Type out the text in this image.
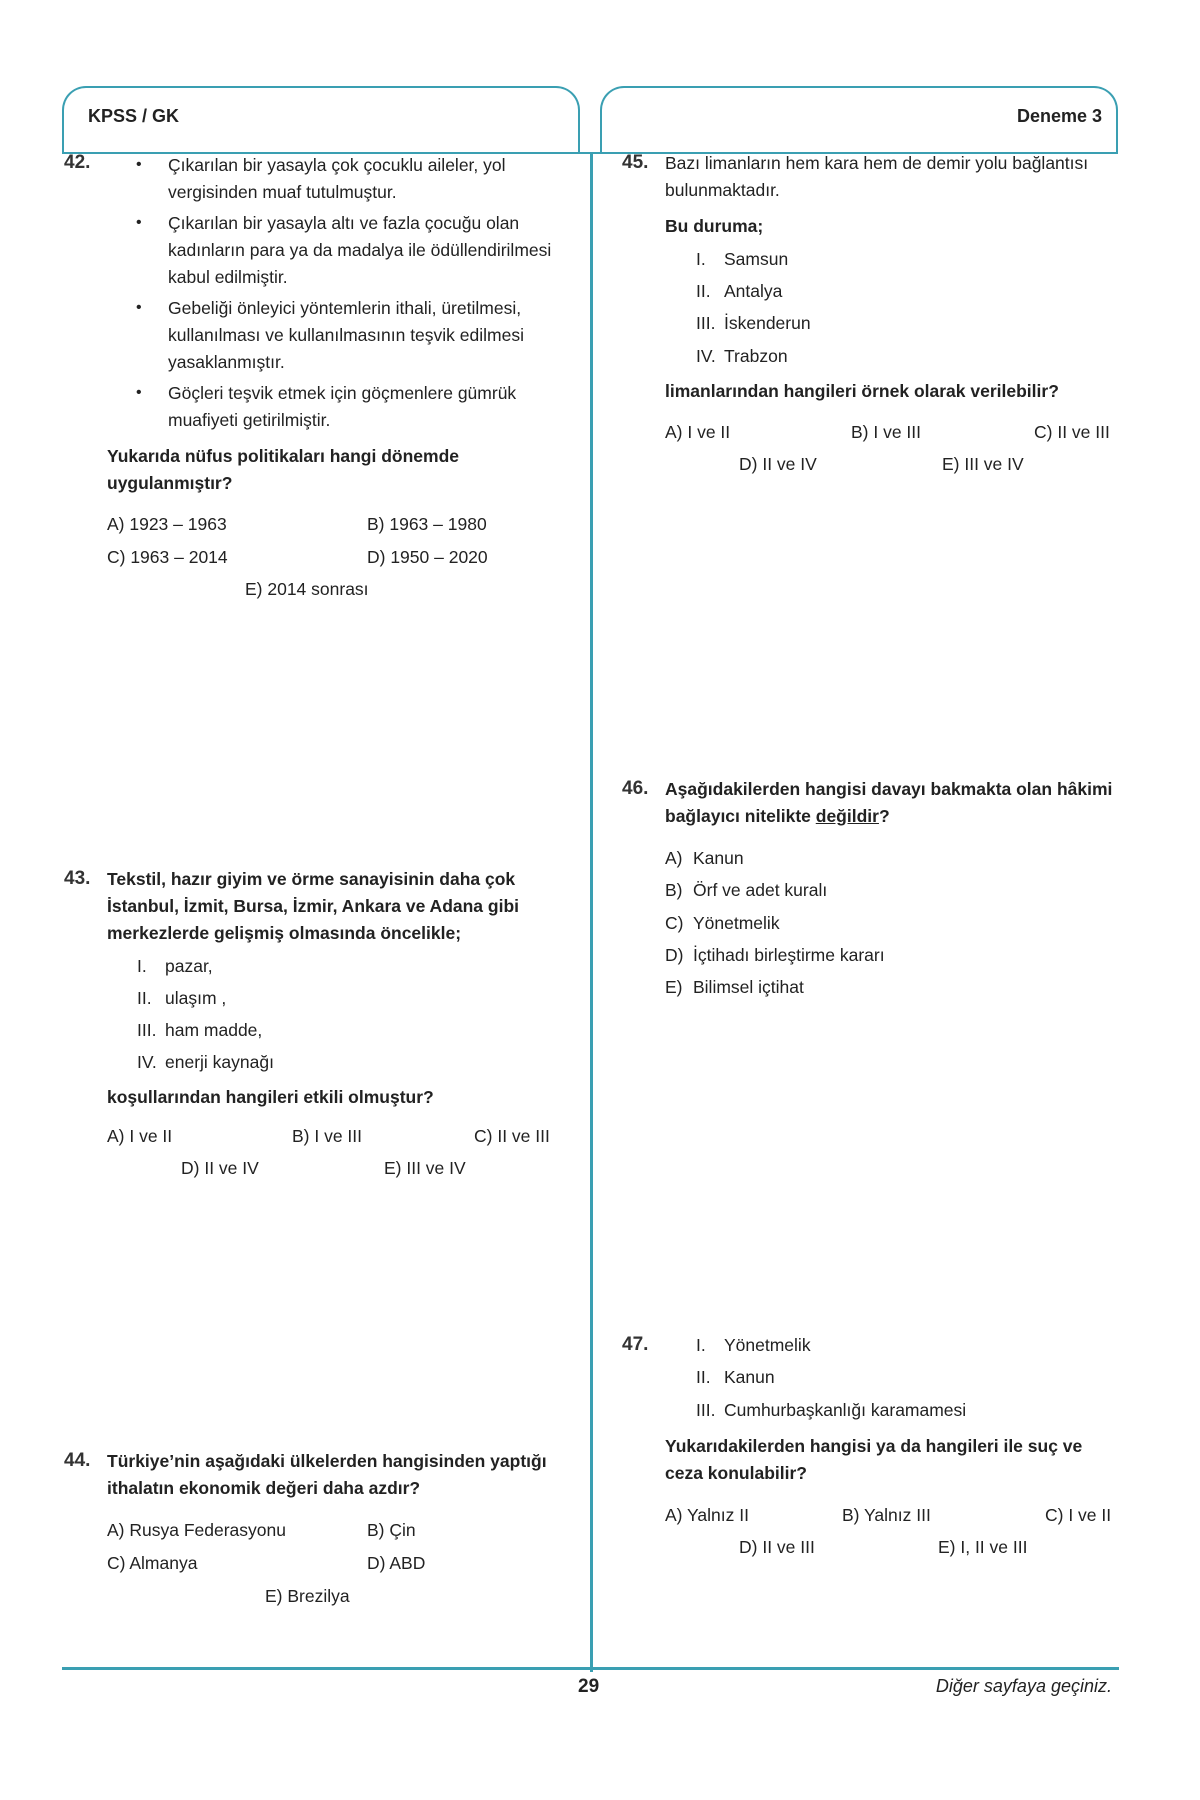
KPSS / GK	Deneme 3
42.	• Çıkarılan bir yasayla çok çocuklu aileler, yol vergisinden muaf tutulmuştur.
• Çıkarılan bir yasayla altı ve fazla çocuğu olan kadınların para ya da madalya ile ödüllendirilmesi kabul edilmiştir.
• Gebeliği önleyici yöntemlerin ithali, üretilmesi, kullanılması ve kullanılmasının teşvik edilmesi yasaklanmıştır.
• Göçleri teşvik etmek için göçmenlere gümrük muafiyeti getirilmiştir.
Yukarıda nüfus politikaları hangi dönemde uygulanmıştır?
A) 1923 – 1963	B) 1963 – 1980
C) 1963 – 2014	D) 1950 – 2020
E) 2014 sonrası
43. Tekstil, hazır giyim ve örme sanayisinin daha çok İstanbul, İzmit, Bursa, İzmir, Ankara ve Adana gibi merkezlerde gelişmiş olmasında öncelikle;
I. pazar,
II. ulaşım ,
III. ham madde,
IV. enerji kaynağı
koşullarından hangileri etkili olmuştur?
A) I ve II	B) I ve III	C) II ve III
D) II ve IV	E) III ve IV
44. Türkiye’nin aşağıdaki ülkelerden hangisinden yaptığı ithalatın ekonomik değeri daha azdır?
A) Rusya Federasyonu	B) Çin
C) Almanya	D) ABD
E) Brezilya
45. Bazı limanların hem kara hem de demir yolu bağlantısı bulunmaktadır.
Bu duruma;
I. Samsun
II. Antalya
III. İskenderun
IV. Trabzon
limanlarından hangileri örnek olarak verilebilir?
A) I ve II	B) I ve III	C) II ve III
D) II ve IV	E) III ve IV
46. Aşağıdakilerden hangisi davayı bakmakta olan hâkimi bağlayıcı nitelikte değildir?
A) Kanun
B) Örf ve adet kuralı
C) Yönetmelik
D) İçtihadı birleştirme kararı
E) Bilimsel içtihat
47.	I. Yönetmelik
II. Kanun
III. Cumhurbaşkanlığı karamamesi
Yukarıdakilerden hangisi ya da hangileri ile suç ve ceza konulabilir?
A) Yalnız II	B) Yalnız III	C) I ve II
D) II ve III	E) I, II ve III
29	Diğer sayfaya geçiniz.
